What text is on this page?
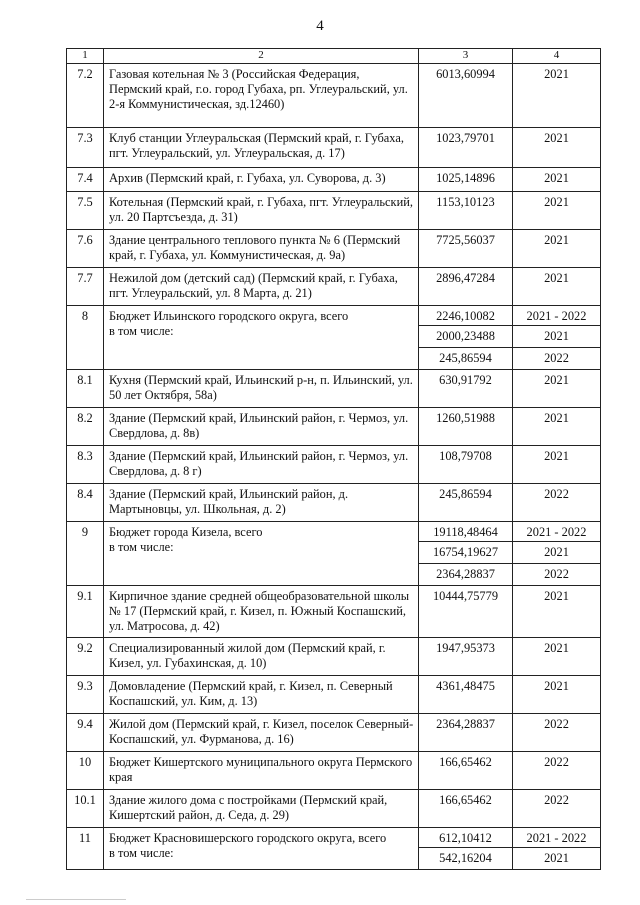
4
1	2	3	4
7.2	Газовая котельная № 3 (Российская Федерация, Пермский край, г.о. город Губаха, рп. Углеуральский, ул. 2-я Коммунистическая, зд.12460)	6013,60994	2021
7.3	Клуб станции Углеуральская (Пермский край, г. Губаха, пгт. Углеуральский, ул. Углеуральская, д. 17)	1023,79701	2021
7.4	Архив (Пермский край, г. Губаха, ул. Суворова, д. 3)	1025,14896	2021
7.5	Котельная (Пермский край, г. Губаха, пгт. Углеуральский, ул. 20 Партсъезда, д. 31)	1153,10123	2021
7.6	Здание центрального теплового пункта № 6 (Пермский край, г. Губаха, ул. Коммунистическая, д. 9а)	7725,56037	2021
7.7	Нежилой дом (детский сад) (Пермский край, г. Губаха, пгт. Углеуральский, ул. 8 Марта, д. 21)	2896,47284	2021
8	Бюджет Ильинского городского округа, всего
в том числе:	2246,10082	2021 - 2022
		2000,23488	2021
		245,86594	2022
8.1	Кухня (Пермский край, Ильинский р-н, п. Ильинский, ул. 50 лет Октября, 58а)	630,91792	2021
8.2	Здание (Пермский край, Ильинский район, г. Чермоз, ул. Свердлова, д. 8в)	1260,51988	2021
8.3	Здание (Пермский край, Ильинский район, г. Чермоз, ул. Свердлова, д. 8 г)	108,79708	2021
8.4	Здание (Пермский край, Ильинский район, д. Мартыновцы, ул. Школьная, д. 2)	245,86594	2022
9	Бюджет города Кизела, всего
в том числе:	19118,48464	2021 - 2022
		16754,19627	2021
		2364,28837	2022
9.1	Кирпичное здание средней общеобразовательной школы № 17 (Пермский край, г. Кизел, п. Южный Коспашский, ул. Матросова, д. 42)	10444,75779	2021
9.2	Специализированный жилой дом (Пермский край, г. Кизел, ул. Губахинская, д. 10)	1947,95373	2021
9.3	Домовладение (Пермский край, г. Кизел, п. Северный Коспашский, ул. Ким, д. 13)	4361,48475	2021
9.4	Жилой дом (Пермский край, г. Кизел, поселок Северный-Коспашский, ул. Фурманова, д. 16)	2364,28837	2022
10	Бюджет Кишертского муниципального округа Пермского края	166,65462	2022
10.1	Здание жилого дома с постройками (Пермский край, Кишертский район, д. Седа, д. 29)	166,65462	2022
11	Бюджет Красновишерского городского округа, всего
в том числе:	612,10412	2021 - 2022
		542,16204	2021
